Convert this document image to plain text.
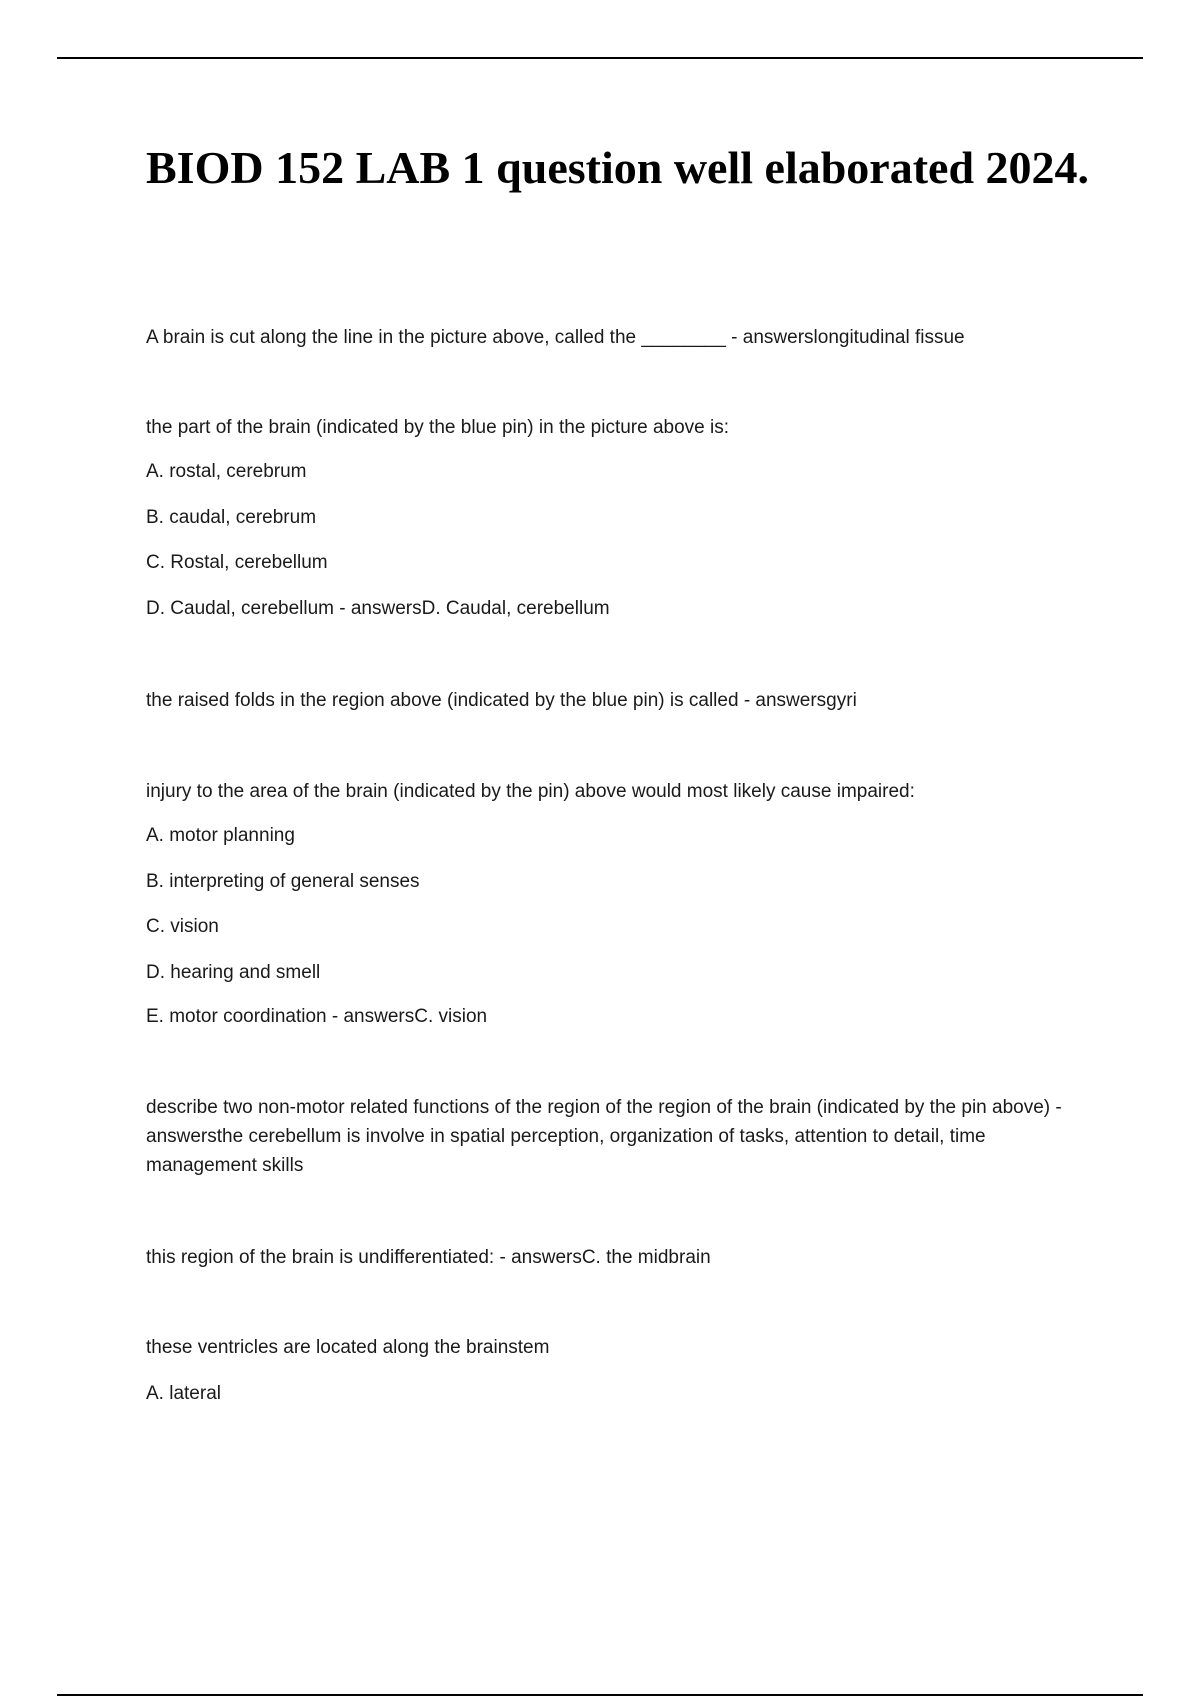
BIOD 152 LAB 1 question well elaborated 2024.

A brain is cut along the line in the picture above, called the ________ - answerslongitudinal fissue

the part of the brain (indicated by the blue pin) in the picture above is:

A. rostal, cerebrum

B. caudal, cerebrum

C. Rostal, cerebellum

D. Caudal, cerebellum - answersD. Caudal, cerebellum

the raised folds in the region above (indicated by the blue pin) is called - answersgyri

injury to the area of the brain (indicated by the pin) above would most likely cause impaired:

A. motor planning

B. interpreting of general senses

C. vision

D. hearing and smell

E. motor coordination - answersC. vision

describe two non-motor related functions of the region of the region of the brain (indicated by the pin above) - answersthe cerebellum is involve in spatial perception, organization of tasks, attention to detail, time management skills

this region of the brain is undifferentiated: - answersC. the midbrain

these ventricles are located along the brainstem

A. lateral
